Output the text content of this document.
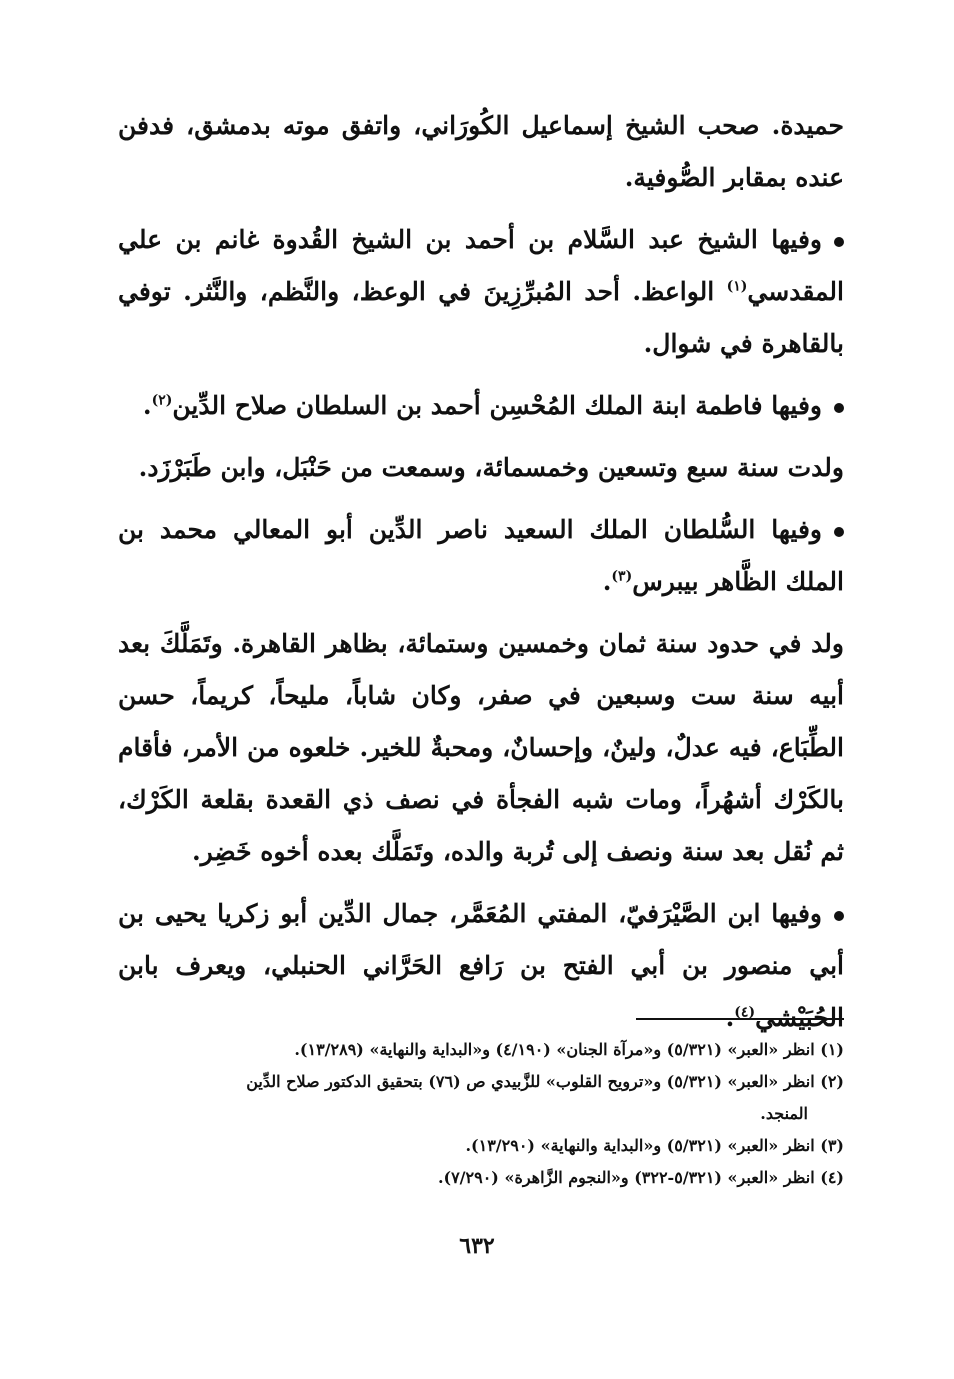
حميدة. صحب الشيخ إسماعيل الكُورَاني، واتفق موته بدمشق، فدفن عنده بمقابر الصُّوفية.

وفيها الشيخ عبد السَّلام بن أحمد بن الشيخ القُدوة غانم بن علي المقدسي$^{(١)}$ الواعظ. أحد المُبرِّزِينَ في الوعظ، والنَّظم، والنَّثر. توفي بالقاهرة في شوال.

وفيها فاطمة ابنة الملك المُحْسِن أحمد بن السلطان صلاح الدِّين$^{(٢)}$.

ولدت سنة سبع وتسعين وخمسمائة، وسمعت من حَنْبَل، وابن طَبَرْزَد.

وفيها السُّلطان الملك السعيد ناصر الدِّين أبو المعالي محمد بن الملك الظَّاهر بيبرس$^{(٣)}$.

ولد في حدود سنة ثمان وخمسين وستمائة، بظاهر القاهرة. وتَمَلَّكَ بعد أبيه سنة ست وسبعين في صفر، وكان شاباً، مليحاً، كريماً، حسن الطِّبَاع، فيه عدلٌ، ولينٌ، وإحسانٌ، ومحبةٌ للخير. خلعوه من الأمر، فأقام بالكَرْك أشهُراً، ومات شبه الفجأة في نصف ذي القعدة بقلعة الكَرْك، ثم نُقل بعد سنة ونصف إلى تُربة والده، وتَمَلَّك بعده أخوه خَضِر.

وفيها ابن الصَّيْرَفيّ، المفتي المُعَمَّر، جمال الدِّين أبو زكريا يحيى بن أبي منصور بن أبي الفتح بن رَافع الحَرَّاني الحنبلي، ويعرف بابن الحُبَيْشي$^{(٤)}$.

(١) انظر «العبر» (٥/٣٢١) و«مرآة الجنان» (٤/١٩٠) و«البداية والنهاية» (١٣/٢٨٩).

(٢) انظر «العبر» (٥/٣٢١) و«ترويح القلوب» للزَّبيدي ص (٧٦) بتحقيق الدكتور صلاح الدِّين
المنجد.

(٣) انظر «العبر» (٥/٣٢١) و«البداية والنهاية» (١٣/٢٩٠).

(٤) انظر «العبر» (٥/٣٢١-٣٢٢) و«النجوم الزَّاهرة» (٧/٢٩٠).

٦٣٢
